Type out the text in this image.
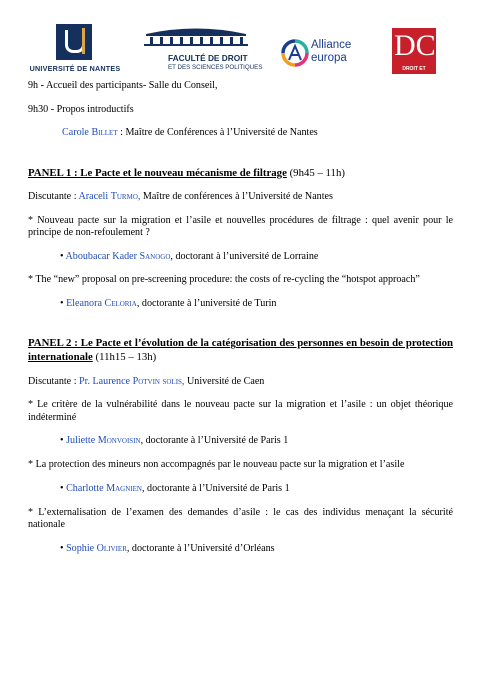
UNIVERSITÉ DE NANTES
FACULTÉ DE DROIT
ET DES SCIENCES POLITIQUES
Alliance
europa DCS
DROIT ET

9h - Accueil des participants- Salle du Conseil,

9h30 - Propos introductifs

Carole Billet : Maître de Conférences à l’Université de Nantes

PANEL 1 : Le Pacte et le nouveau mécanisme de filtrage (9h45 – 11h)

Discutante : Araceli Turmo, Maître de conférences à l’Université de Nantes

* Nouveau pacte sur la migration et l’asile et nouvelles procédures de filtrage : quel avenir pour le principe de non-refoulement ?

• Aboubacar Kader Sanogo, doctorant à l’université de Lorraine

* The “new” proposal on pre-screening procedure: the costs of re-cycling the “hotspot approach”

• Eleanora Celoria, doctorante à l’université de Turin

PANEL 2 : Le Pacte et l’évolution de la catégorisation des personnes en besoin de protection internationale (11h15 – 13h)

Discutante : Pr. Laurence Potvin solis, Université de Caen

* Le critère de la vulnérabilité dans le nouveau pacte sur la migration et l’asile : un objet théorique indéterminé

• Juliette Monvoisin, doctorante à l’Université de Paris 1

* La protection des mineurs non accompagnés par le nouveau pacte sur la migration et l’asile

• Charlotte Magnien, doctorante à l’Université de Paris 1

* L’externalisation de l’examen des demandes d’asile : le cas des individus menaçant la sécurité nationale

• Sophie Olivier, doctorante à l’Université d’Orléans
